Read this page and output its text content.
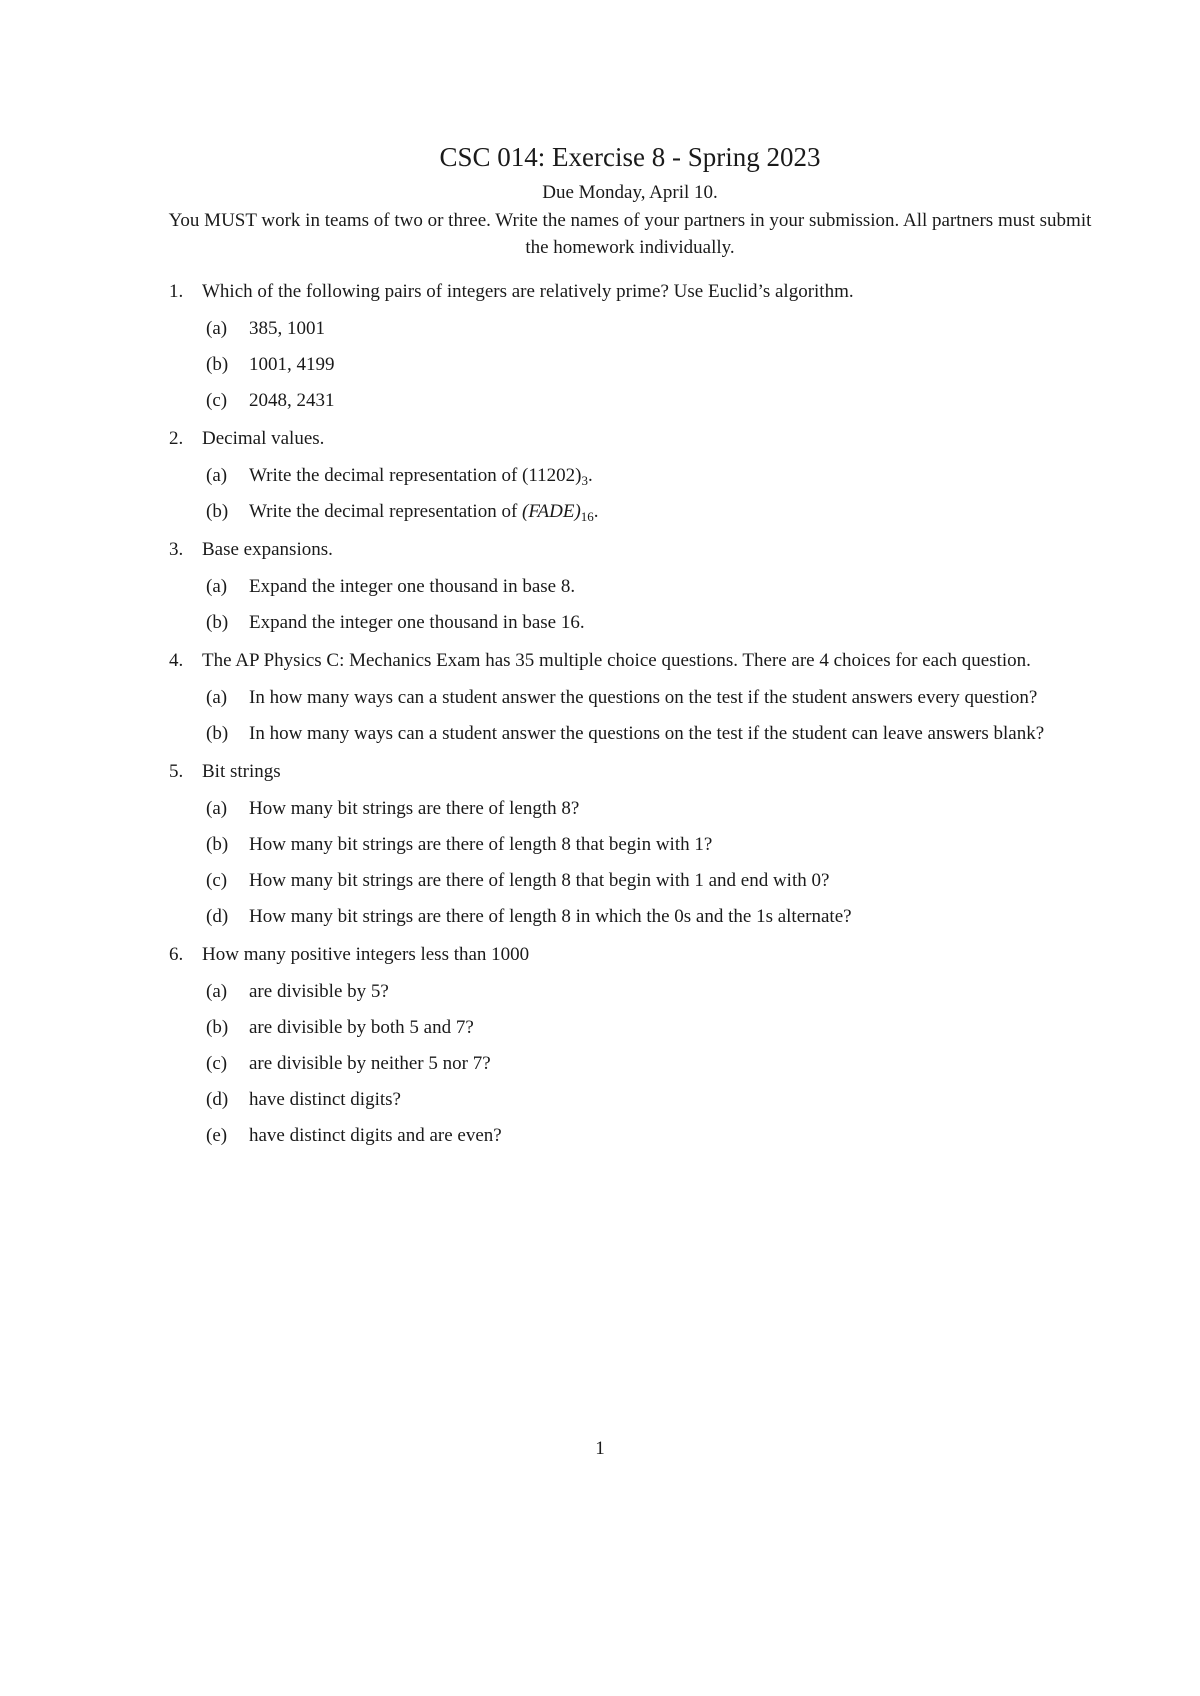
CSC 014: Exercise 8 - Spring 2023
Due Monday, April 10.
You MUST work in teams of two or three. Write the names of your partners in your submission. All partners must submit the homework individually.
1. Which of the following pairs of integers are relatively prime? Use Euclid’s algorithm.
(a) 385, 1001
(b) 1001, 4199
(c) 2048, 2431
2. Decimal values.
(a) Write the decimal representation of $(11202)_3$.
(b) Write the decimal representation of $(FADE)_{16}$.
3. Base expansions.
(a) Expand the integer one thousand in base 8.
(b) Expand the integer one thousand in base 16.
4. The AP Physics C: Mechanics Exam has 35 multiple choice questions. There are 4 choices for each question.
(a) In how many ways can a student answer the questions on the test if the student answers every question?
(b) In how many ways can a student answer the questions on the test if the student can leave answers blank?
5. Bit strings
(a) How many bit strings are there of length 8?
(b) How many bit strings are there of length 8 that begin with 1?
(c) How many bit strings are there of length 8 that begin with 1 and end with 0?
(d) How many bit strings are there of length 8 in which the 0s and the 1s alternate?
6. How many positive integers less than 1000
(a) are divisible by 5?
(b) are divisible by both 5 and 7?
(c) are divisible by neither 5 nor 7?
(d) have distinct digits?
(e) have distinct digits and are even?
1
